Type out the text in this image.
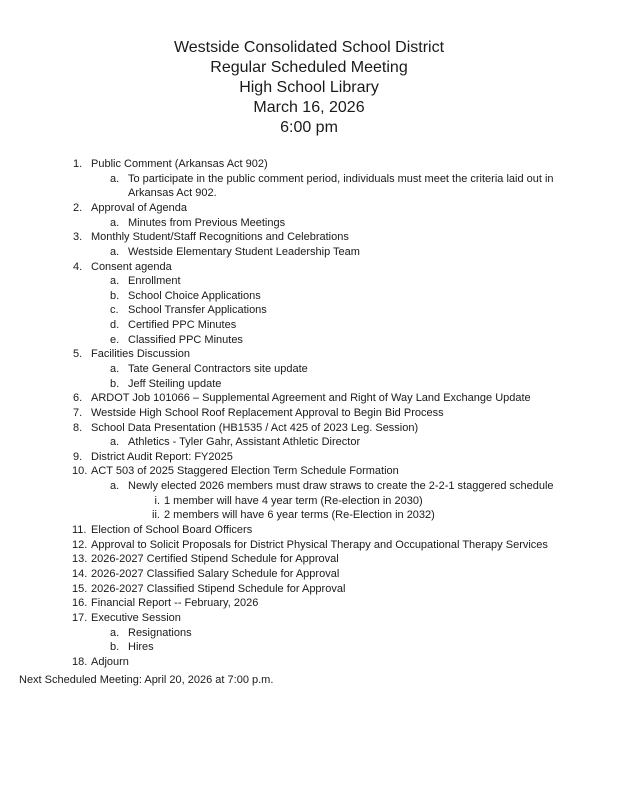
Westside Consolidated School District
Regular Scheduled Meeting
High School Library
March 16, 2026
6:00 pm
1. Public Comment (Arkansas Act 902)
a. To participate in the public comment period, individuals must meet the criteria laid out in Arkansas Act 902.
2. Approval of Agenda
a. Minutes from Previous Meetings
3. Monthly Student/Staff Recognitions and Celebrations
a. Westside Elementary Student Leadership Team
4. Consent agenda
a. Enrollment
b. School Choice Applications
c. School Transfer Applications
d. Certified PPC Minutes
e. Classified PPC Minutes
5. Facilities Discussion
a. Tate General Contractors site update
b. Jeff Steiling update
6. ARDOT Job 101066 – Supplemental Agreement and Right of Way Land Exchange Update
7. Westside High School Roof Replacement Approval to Begin Bid Process
8. School Data Presentation (HB1535 / Act 425 of 2023 Leg. Session)
a. Athletics - Tyler Gahr, Assistant Athletic Director
9. District Audit Report: FY2025
10. ACT 503 of 2025 Staggered Election Term Schedule Formation
a. Newly elected 2026 members must draw straws to create the 2-2-1 staggered schedule
i. 1 member will have 4 year term (Re-election in 2030)
ii. 2 members will have 6 year terms (Re-Election in 2032)
11. Election of School Board Officers
12. Approval to Solicit Proposals for District Physical Therapy and Occupational Therapy Services
13. 2026-2027 Certified Stipend Schedule for Approval
14. 2026-2027 Classified Salary Schedule for Approval
15. 2026-2027 Classified Stipend Schedule for Approval
16. Financial Report -- February, 2026
17. Executive Session
a. Resignations
b. Hires
18. Adjourn
Next Scheduled Meeting: April 20, 2026 at 7:00 p.m.
